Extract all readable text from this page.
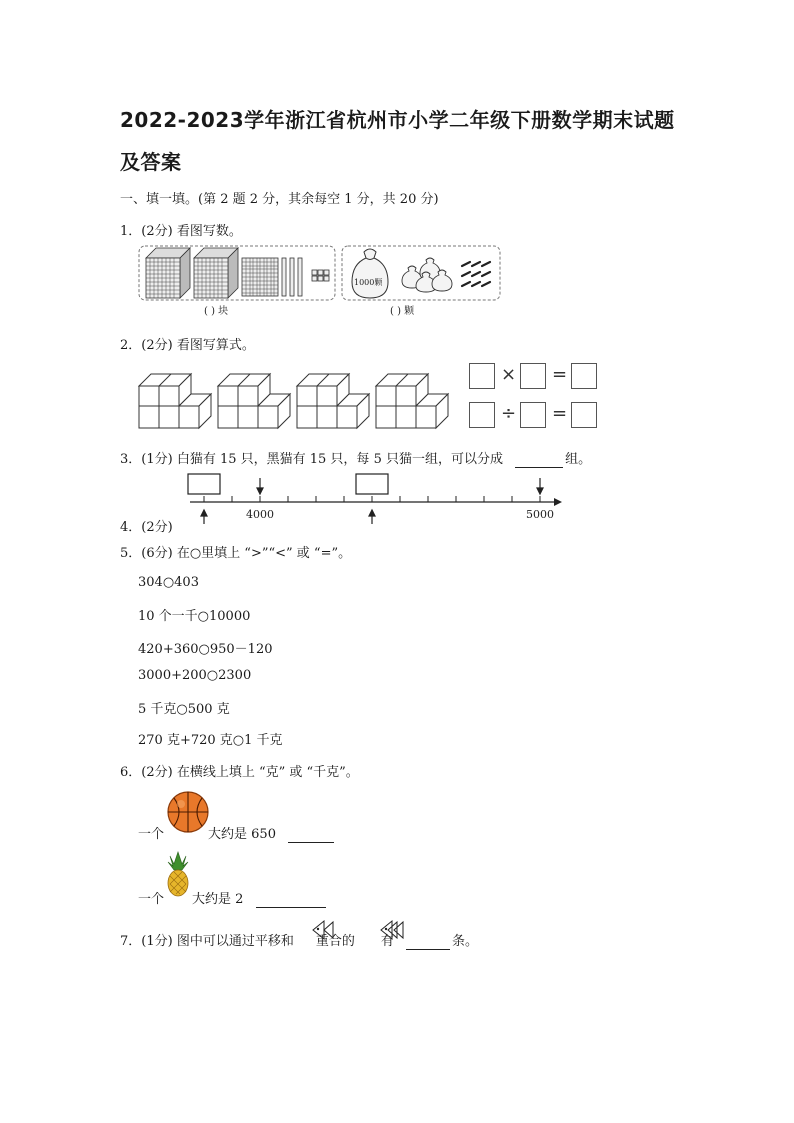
2022-2023学年浙江省杭州市小学二年级下册数学期末试题
及答案
一、填一填。(第 2 题 2 分，其余每空 1 分，共 20 分)
1．(2分) 看图写数。
1000颗
( ) 块	( ) 颗
2．(2分) 看图写算式。
× =
÷ =
3．(1分) 白猫有 15 只，黑猫有 15 只，每 5 只猫一组，可以分成	组。
4000	5000
4．(2分)
5．(6分) 在○里填上 “>”“<” 或 “=”。
304○403
10 个一千○10000
420+360○950－120
3000+200○2300
5 千克○500 克
270 克+720 克○1 千克
6．(2分) 在横线上填上 “克” 或 “千克”。
一个	大约是 650
一个 大约是 2
7．(1分) 图中可以通过平移和 重合的 有	条。
